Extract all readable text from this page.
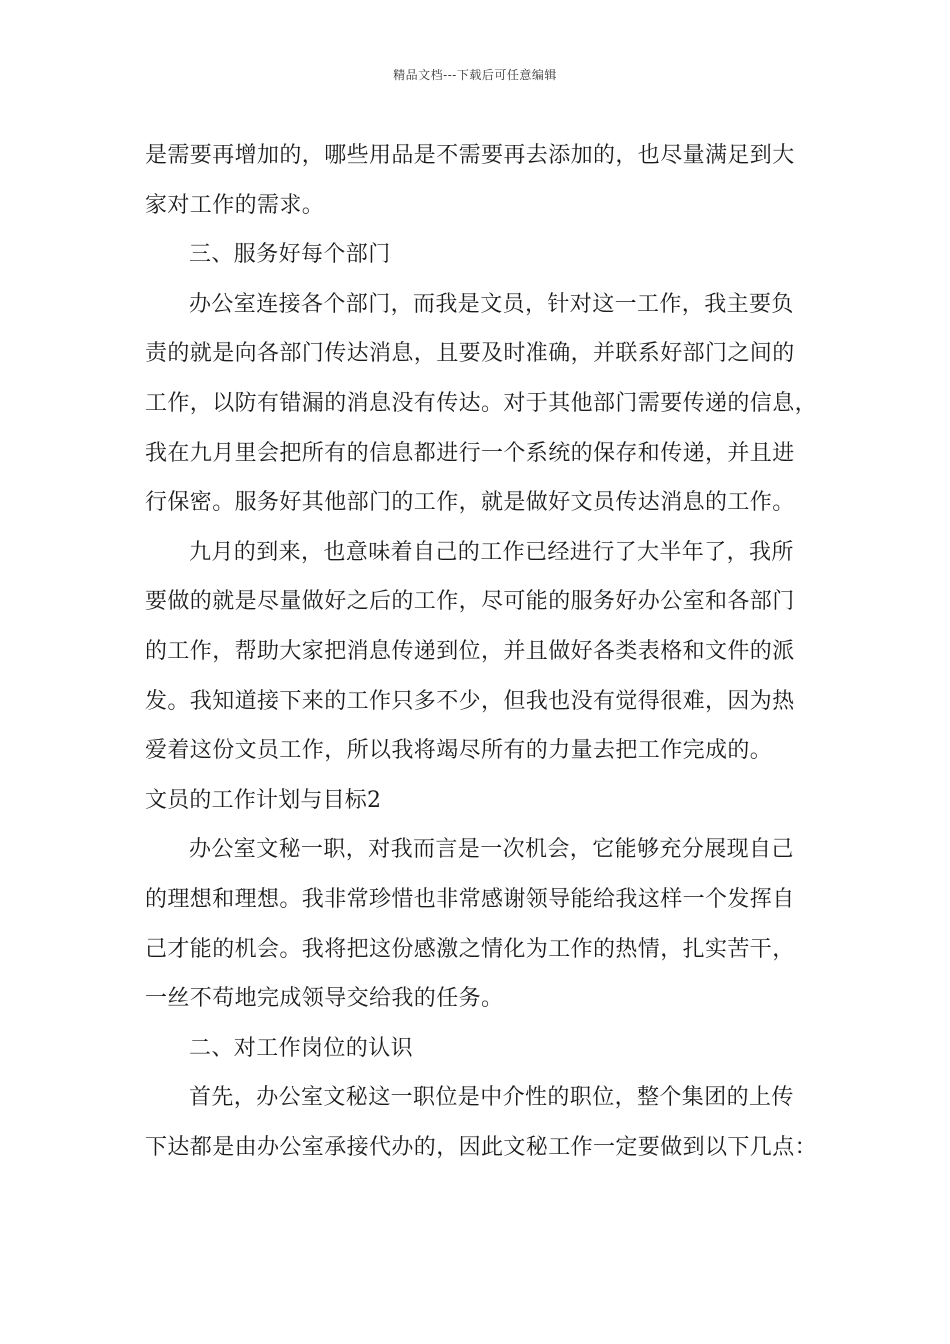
精品文档---下载后可任意编辑
是需要再增加的，哪些用品是不需要再去添加的，也尽量满足到大
家对工作的需求。
三、服务好每个部门
办公室连接各个部门，而我是文员，针对这一工作，我主要负
责的就是向各部门传达消息，且要及时准确，并联系好部门之间的
工作，以防有错漏的消息没有传达。对于其他部门需要传递的信息，
我在九月里会把所有的信息都进行一个系统的保存和传递，并且进
行保密。服务好其他部门的工作，就是做好文员传达消息的工作。
九月的到来，也意味着自己的工作已经进行了大半年了，我所
要做的就是尽量做好之后的工作，尽可能的服务好办公室和各部门
的工作，帮助大家把消息传递到位，并且做好各类表格和文件的派
发。我知道接下来的工作只多不少，但我也没有觉得很难，因为热
爱着这份文员工作，所以我将竭尽所有的力量去把工作完成的。
文员的工作计划与目标2
办公室文秘一职，对我而言是一次机会，它能够充分展现自己
的理想和理想。我非常珍惜也非常感谢领导能给我这样一个发挥自
己才能的机会。我将把这份感激之情化为工作的热情，扎实苦干，
一丝不苟地完成领导交给我的任务。
二、对工作岗位的认识
首先，办公室文秘这一职位是中介性的职位，整个集团的上传
下达都是由办公室承接代办的，因此文秘工作一定要做到以下几点：
